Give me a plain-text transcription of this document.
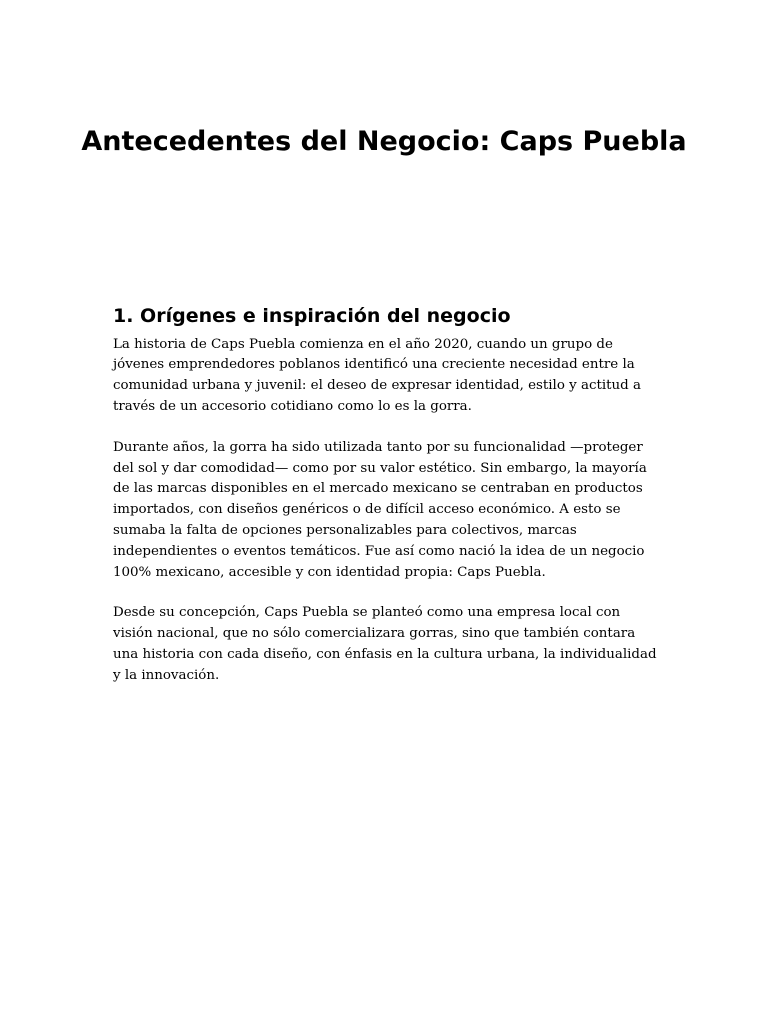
Antecedentes del Negocio: Caps Puebla
1. Orígenes e inspiración del negocio

La historia de Caps Puebla comienza en el año 2020, cuando un grupo de jóvenes emprendedores poblanos identificó una creciente necesidad entre la comunidad urbana y juvenil: el deseo de expresar identidad, estilo y actitud a través de un accesorio cotidiano como lo es la gorra.

Durante años, la gorra ha sido utilizada tanto por su funcionalidad —proteger del sol y dar comodidad— como por su valor estético. Sin embargo, la mayoría de las marcas disponibles en el mercado mexicano se centraban en productos importados, con diseños genéricos o de difícil acceso económico. A esto se sumaba la falta de opciones personalizables para colectivos, marcas independientes o eventos temáticos. Fue así como nació la idea de un negocio 100% mexicano, accesible y con identidad propia: Caps Puebla.

Desde su concepción, Caps Puebla se planteó como una empresa local con visión nacional, que no sólo comercializara gorras, sino que también contara una historia con cada diseño, con énfasis en la cultura urbana, la individualidad y la innovación.
